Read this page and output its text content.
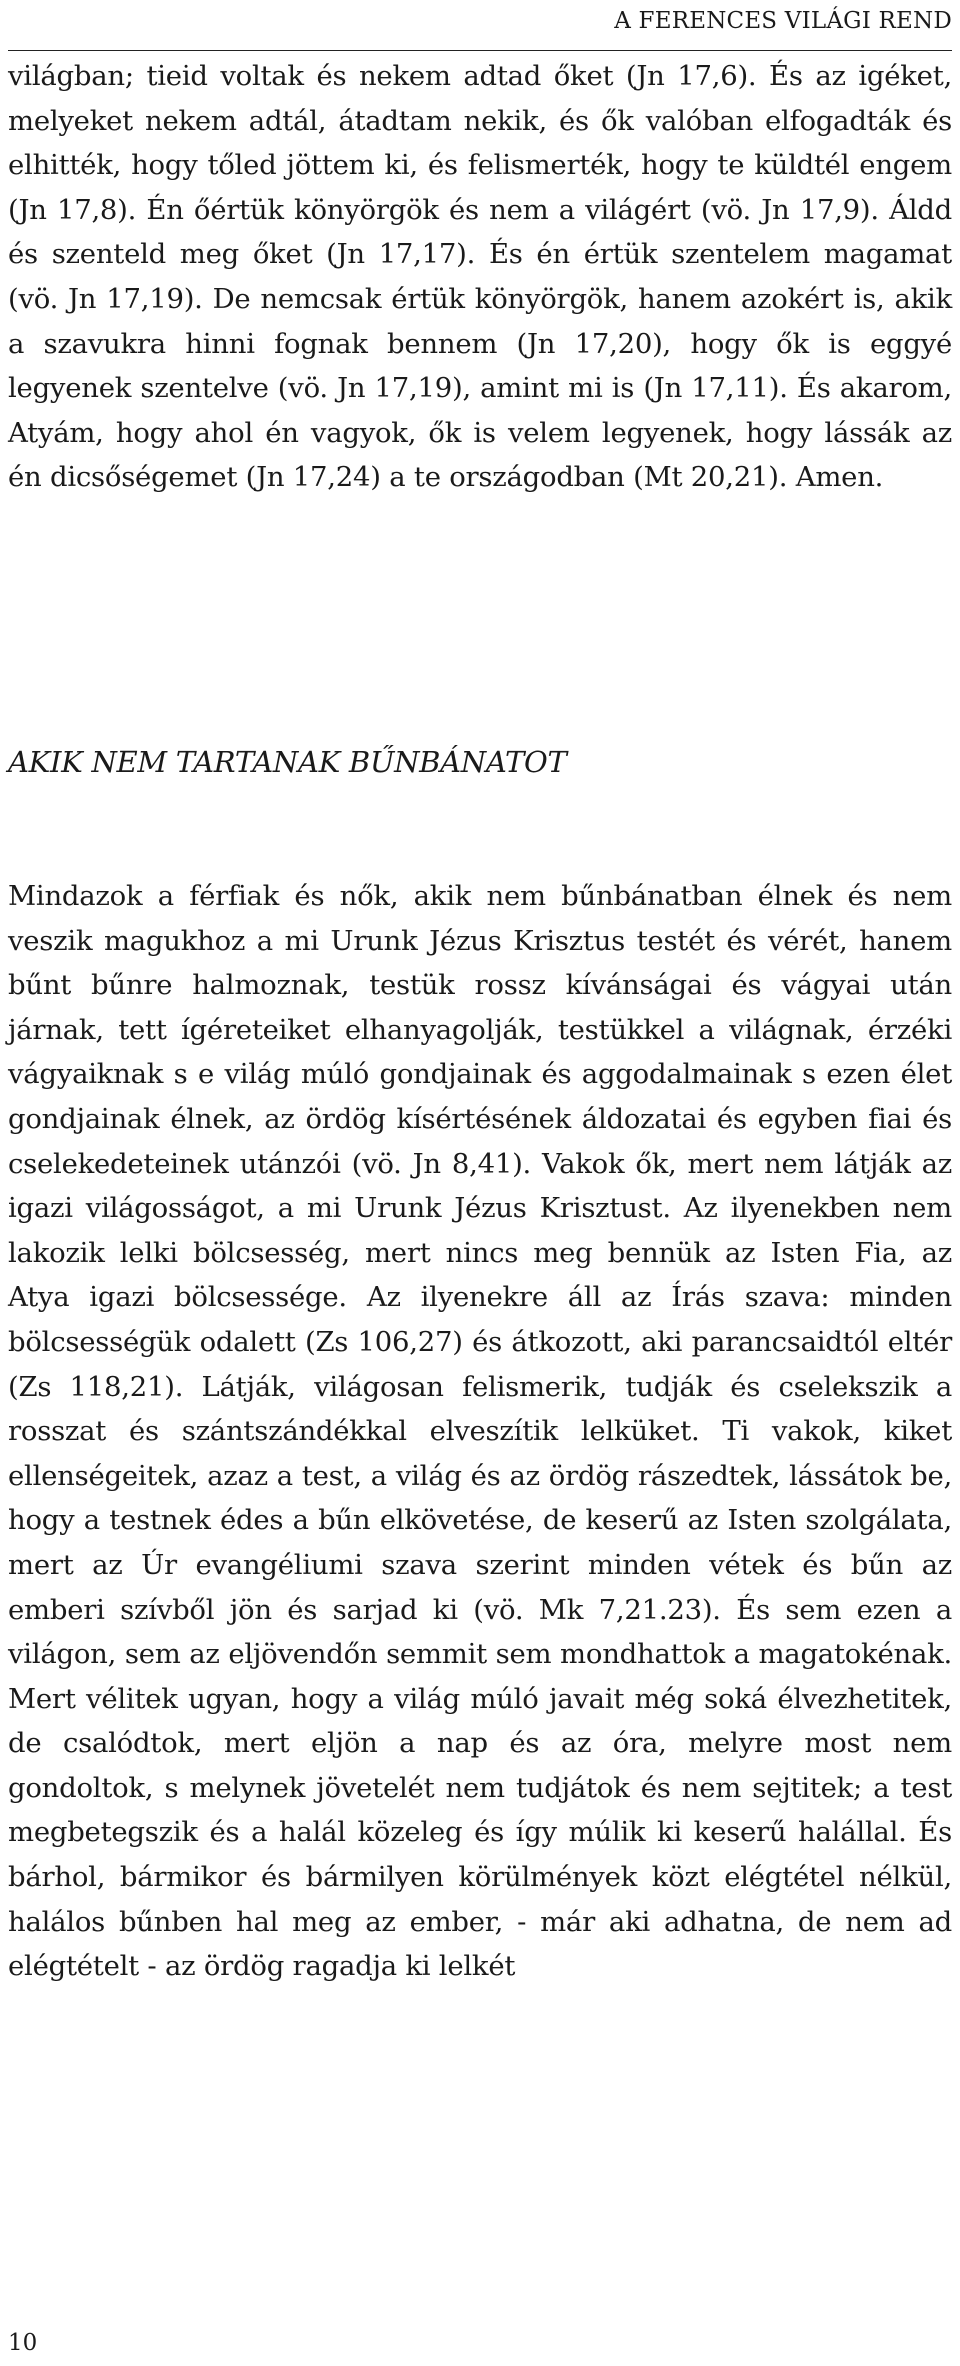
A FERENCES VILÁGI REND

világban; tieid voltak és nekem adtad őket (Jn 17,6). És az igéket, melyeket nekem adtál, átadtam nekik, és ők valóban elfogadták és elhitték, hogy tőled jöttem ki, és felismerték, hogy te küldtél engem (Jn 17,8). Én őértük könyörgök és nem a világért (vö. Jn 17,9). Áldd és szenteld meg őket (Jn 17,17). És én értük szentelem magamat (vö. Jn 17,19). De nemcsak értük könyörgök, hanem azokért is, akik a szavukra hinni fognak bennem (Jn 17,20), hogy ők is eggyé legyenek szentelve (vö. Jn 17,19), amint mi is (Jn 17,11). És akarom, Atyám, hogy ahol én vagyok, ők is velem legyenek, hogy lássák az én dicsőségemet (Jn 17,24) a te országodban (Mt 20,21). Amen.

AKIK NEM TARTANAK BŰNBÁNATOT

Mindazok a férfiak és nők, akik nem bűnbánatban élnek és nem veszik magukhoz a mi Urunk Jézus Krisztus testét és vérét, hanem bűnt bűnre halmoznak, testük rossz kívánságai és vágyai után járnak, tett ígéreteiket elhanyagolják, testükkel a világnak, érzéki vágyaiknak s e világ múló gondjainak és aggodalmainak s ezen élet gondjainak élnek, az ördög kísértésének áldozatai és egyben fiai és cselekedeteinek utánzói (vö. Jn 8,41). Vakok ők, mert nem látják az igazi világosságot, a mi Urunk Jézus Krisztust. Az ilyenekben nem lakozik lelki bölcsesség, mert nincs meg bennük az Isten Fia, az Atya igazi bölcsessége. Az ilyenekre áll az Írás szava: minden bölcsességük odalett (Zs 106,27) és átkozott, aki parancsaidtól eltér (Zs 118,21). Látják, világosan felismerik, tudják és cselekszik a rosszat és szántszándékkal elveszítik lelküket. Ti vakok, kiket ellenségeitek, azaz a test, a világ és az ördög rászedtek, lássátok be, hogy a testnek édes a bűn elkövetése, de keserű az Isten szolgálata, mert az Úr evangéliumi szava szerint minden vétek és bűn az emberi szívből jön és sarjad ki (vö. Mk 7,21.23). És sem ezen a világon, sem az eljövendőn semmit sem mondhattok a magatokénak. Mert vélitek ugyan, hogy a világ múló javait még soká élvezhetitek, de csalódtok, mert eljön a nap és az óra, melyre most nem gondoltok, s melynek jövetelét nem tudjátok és nem sejtitek; a test megbetegszik és a halál közeleg és így múlik ki keserű halállal. És bárhol, bármikor és bármilyen körülmények közt elégtétel nélkül, halálos bűnben hal meg az ember, - már aki adhatna, de nem ad elégtételt - az ördög ragadja ki lelkét

10
